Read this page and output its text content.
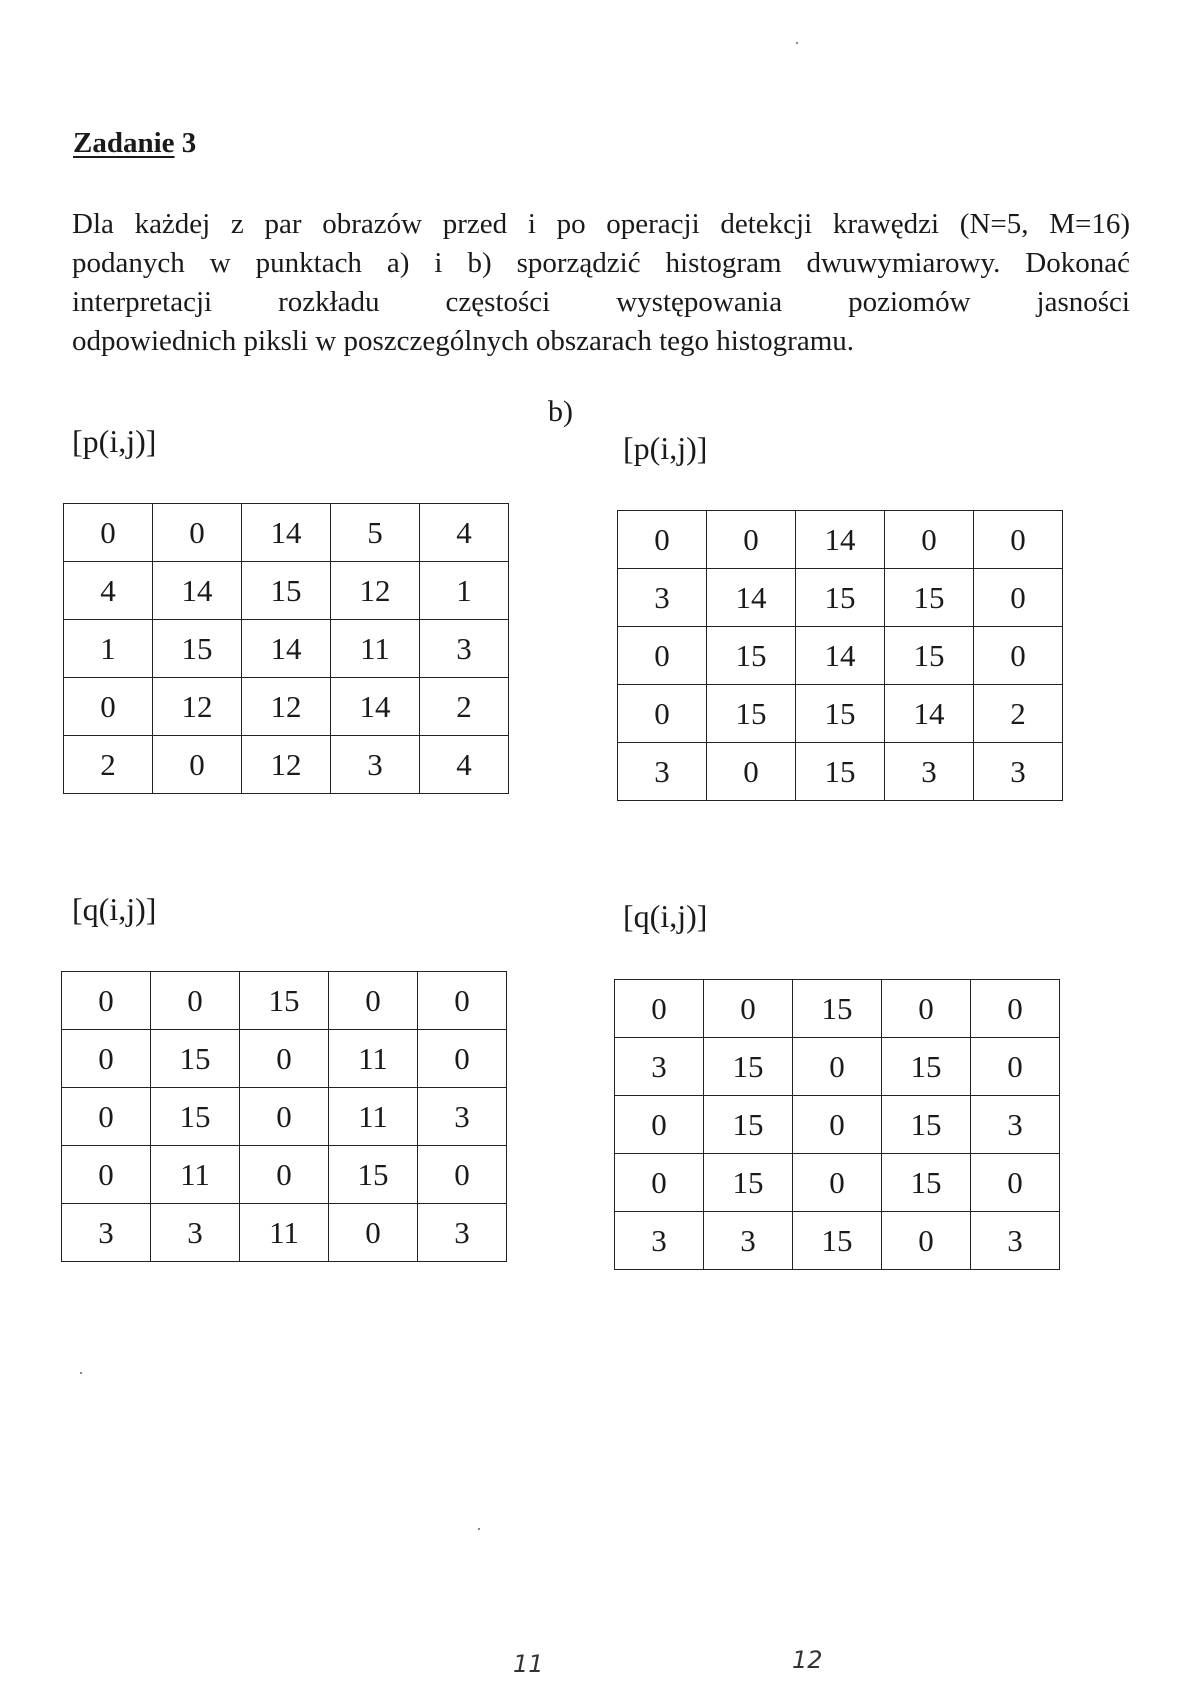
Zadanie 3
Dla każdej z par obrazów przed i po operacji detekcji krawędzi (N=5, M=16)
podanych w punktach a) i b) sporządzić histogram dwuwymiarowy. Dokonać
interpretacji rozkładu częstości występowania poziomów jasności
odpowiednich piksli w poszczególnych obszarach tego histogramu.
b)
[p(i,j)]	[p(i,j)]
0	0	14	5	4
4	14	15	12	1
1	15	14	11	3
0	12	12	14	2
2	0	12	3	4
0	0	14	0	0
3	14	15	15	0
0	15	14	15	0
0	15	15	14	2
3	0	15	3	3
[q(i,j)]	[q(i,j)]
0	0	15	0	0
0	15	0	11	0
0	15	0	11	3
0	11	0	15	0
3	3	11	0	3
0	0	15	0	0
3	15	0	15	0
0	15	0	15	3
0	15	0	15	0
3	3	15	0	3
11	12
